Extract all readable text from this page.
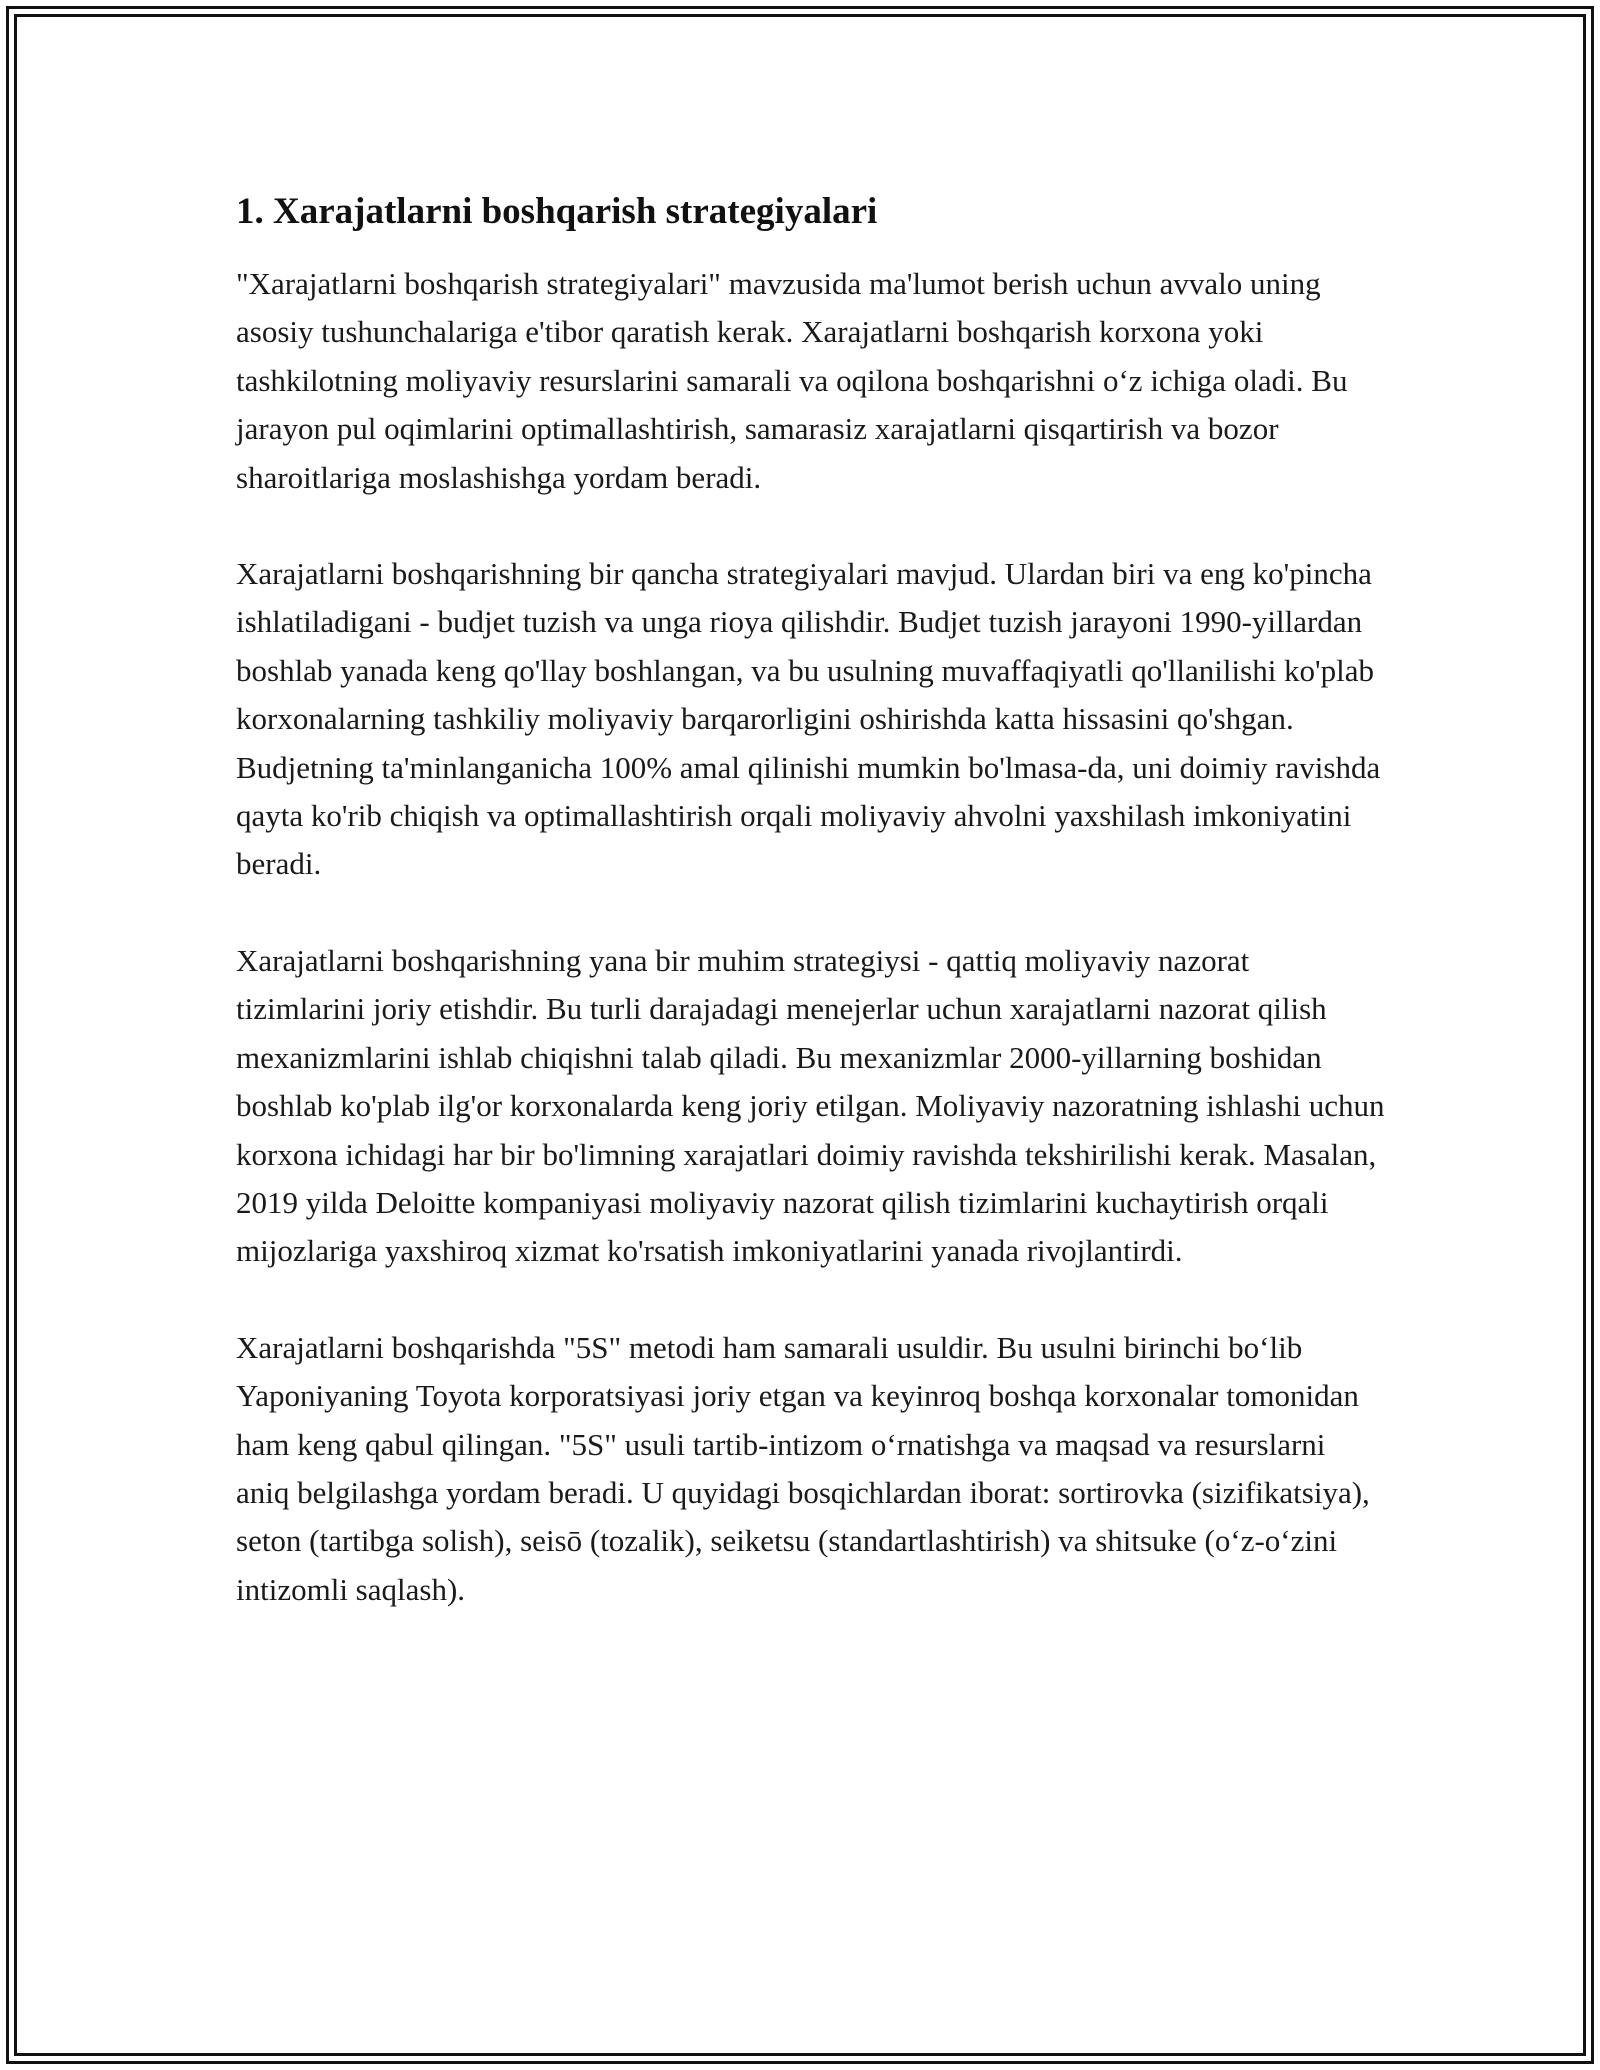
1. Xarajatlarni boshqarish strategiyalari

"Xarajatlarni boshqarish strategiyalari" mavzusida ma'lumot berish uchun avvalo uning asosiy tushunchalariga e'tibor qaratish kerak. Xarajatlarni boshqarish korxona yoki tashkilotning moliyaviy resurslarini samarali va oqilona boshqarishni o‘z ichiga oladi. Bu jarayon pul oqimlarini optimallashtirish, samarasiz xarajatlarni qisqartirish va bozor sharoitlariga moslashishga yordam beradi.

Xarajatlarni boshqarishning bir qancha strategiyalari mavjud. Ulardan biri va eng ko'pincha ishlatiladigani - budjet tuzish va unga rioya qilishdir. Budjet tuzish jarayoni 1990-yillardan boshlab yanada keng qo'llay boshlangan, va bu usulning muvaffaqiyatli qo'llanilishi ko'plab korxonalarning tashkiliy moliyaviy barqarorligini oshirishda katta hissasini qo'shgan. Budjetning ta'minlanganicha 100% amal qilinishi mumkin bo'lmasa-da, uni doimiy ravishda qayta ko'rib chiqish va optimallashtirish orqali moliyaviy ahvolni yaxshilash imkoniyatini beradi.

Xarajatlarni boshqarishning yana bir muhim strategiysi - qattiq moliyaviy nazorat tizimlarini joriy etishdir. Bu turli darajadagi menejerlar uchun xarajatlarni nazorat qilish mexanizmlarini ishlab chiqishni talab qiladi. Bu mexanizmlar 2000-yillarning boshidan boshlab ko'plab ilg'or korxonalarda keng joriy etilgan. Moliyaviy nazoratning ishlashi uchun korxona ichidagi har bir bo'limning xarajatlari doimiy ravishda tekshirilishi kerak. Masalan, 2019 yilda Deloitte kompaniyasi moliyaviy nazorat qilish tizimlarini kuchaytirish orqali mijozlariga yaxshiroq xizmat ko'rsatish imkoniyatlarini yanada rivojlantirdi.

Xarajatlarni boshqarishda "5S" metodi ham samarali usuldir. Bu usulni birinchi bo‘lib Yaponiyaning Toyota korporatsiyasi joriy etgan va keyinroq boshqa korxonalar tomonidan ham keng qabul qilingan. "5S" usuli tartib-intizom o‘rnatishga va maqsad va resurslarni aniq belgilashga yordam beradi. U quyidagi bosqichlardan iborat: sortirovka (sizifikatsiya), seton (tartibga solish), seisō (tozalik), seiketsu (standartlashtirish) va shitsuke (o‘z-o‘zini intizomli saqlash).
